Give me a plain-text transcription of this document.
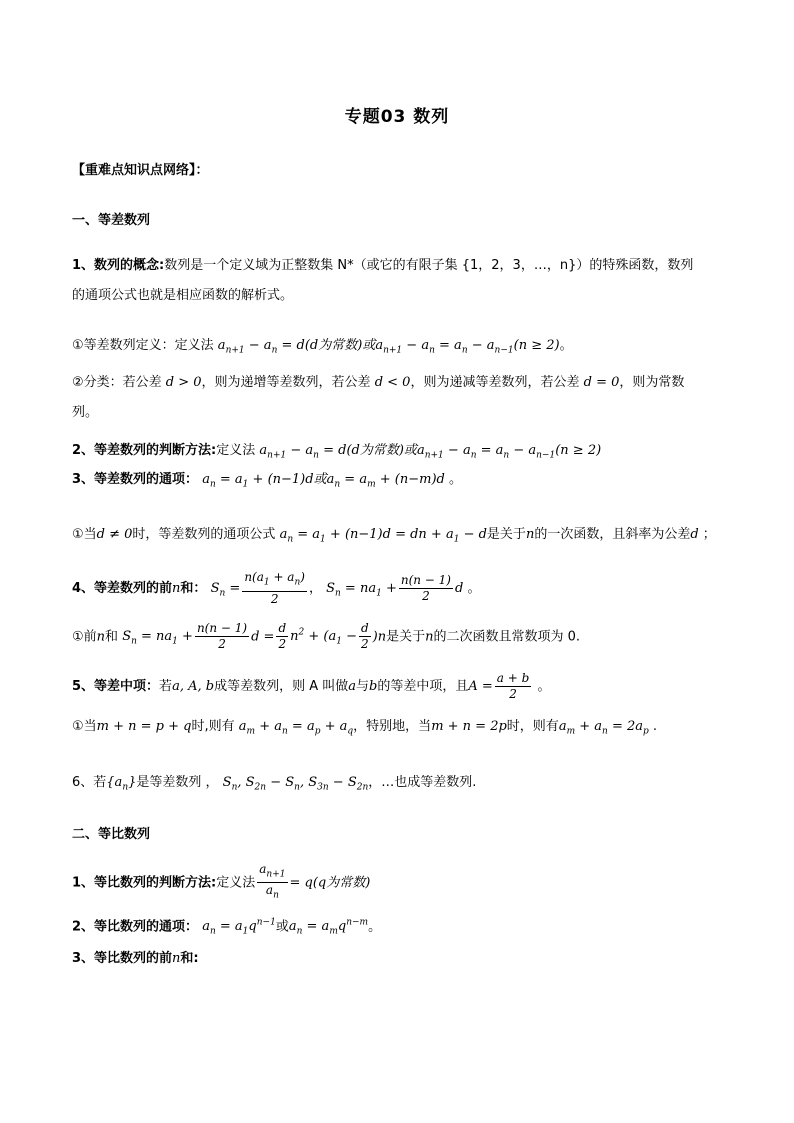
专题03 数列
【重难点知识点网络】：
一、等差数列
1、数列的概念:数列是一个定义域为正整数集 N*（或它的有限子集 {1，2，3，…，n}）的特殊函数，数列
的通项公式也就是相应函数的解析式。
①等差数列定义：定义法 $a_{n+1} - a_n = d(d$为常数)或$a_{n+1} - a_n = a_n - a_{n-1}(n \ge 2)$。
②分类：若公差 d > 0，则为递增等差数列，若公差 d < 0，则为递减等差数列，若公差 d = 0，则为常数
列。
2、等差数列的判断方法:定义法 $a_{n+1} - a_n = d(d$为常数)或$a_{n+1} - a_n = a_n - a_{n-1}(n \ge 2)$
3、等差数列的通项： $a_n = a_1 + (n-1)d$或$a_n = a_m + (n-m)d$ 。
①当d ≠ 0时，等差数列的通项公式 $a_n = a_1 + (n-1)d$ = dn + $a_1 - d$是关于n的一次函数，且斜率为公差d ；
4、等差数列的前n和： $S_n = \frac{n(a_1 + a_n)}{2}$ ， $S_n = na_1 + \frac{n(n - 1)}{2}$ d 。
①前n和 $S_n = na_1 + \frac{n(n - 1)}{2}$ $d = \frac{d}{2} n^2 + (a_1 - \frac{d}{2} )n$是关于n的二次函数且常数项为 0.
5、等差中项：若a, A, b成等差数列，则 A 叫做a与b的等差中项，且$A = \frac{a + b}{2}$ 。
①当m + n = p + q时,则有 $a_m + a_n = a_p + a_q$，特别地，当m + n = 2p时，则有$a_m + a_n = 2a_p$ .
6、若$\{a_n\}$是等差数列 ， $S_n$, $S_{2n} - S_n$, $S_{3n} - S_{2n}$，…也成等差数列.
二、等比数列
1、等比数列的判断方法:定义法 $\frac{a_{n+1}}{a_n} = q(q$为常数)
2、等比数列的通项： $a_n = a_1q^{n-1}$或$a_n = a_mq^{n-m}$。
3、等比数列的前n和:
